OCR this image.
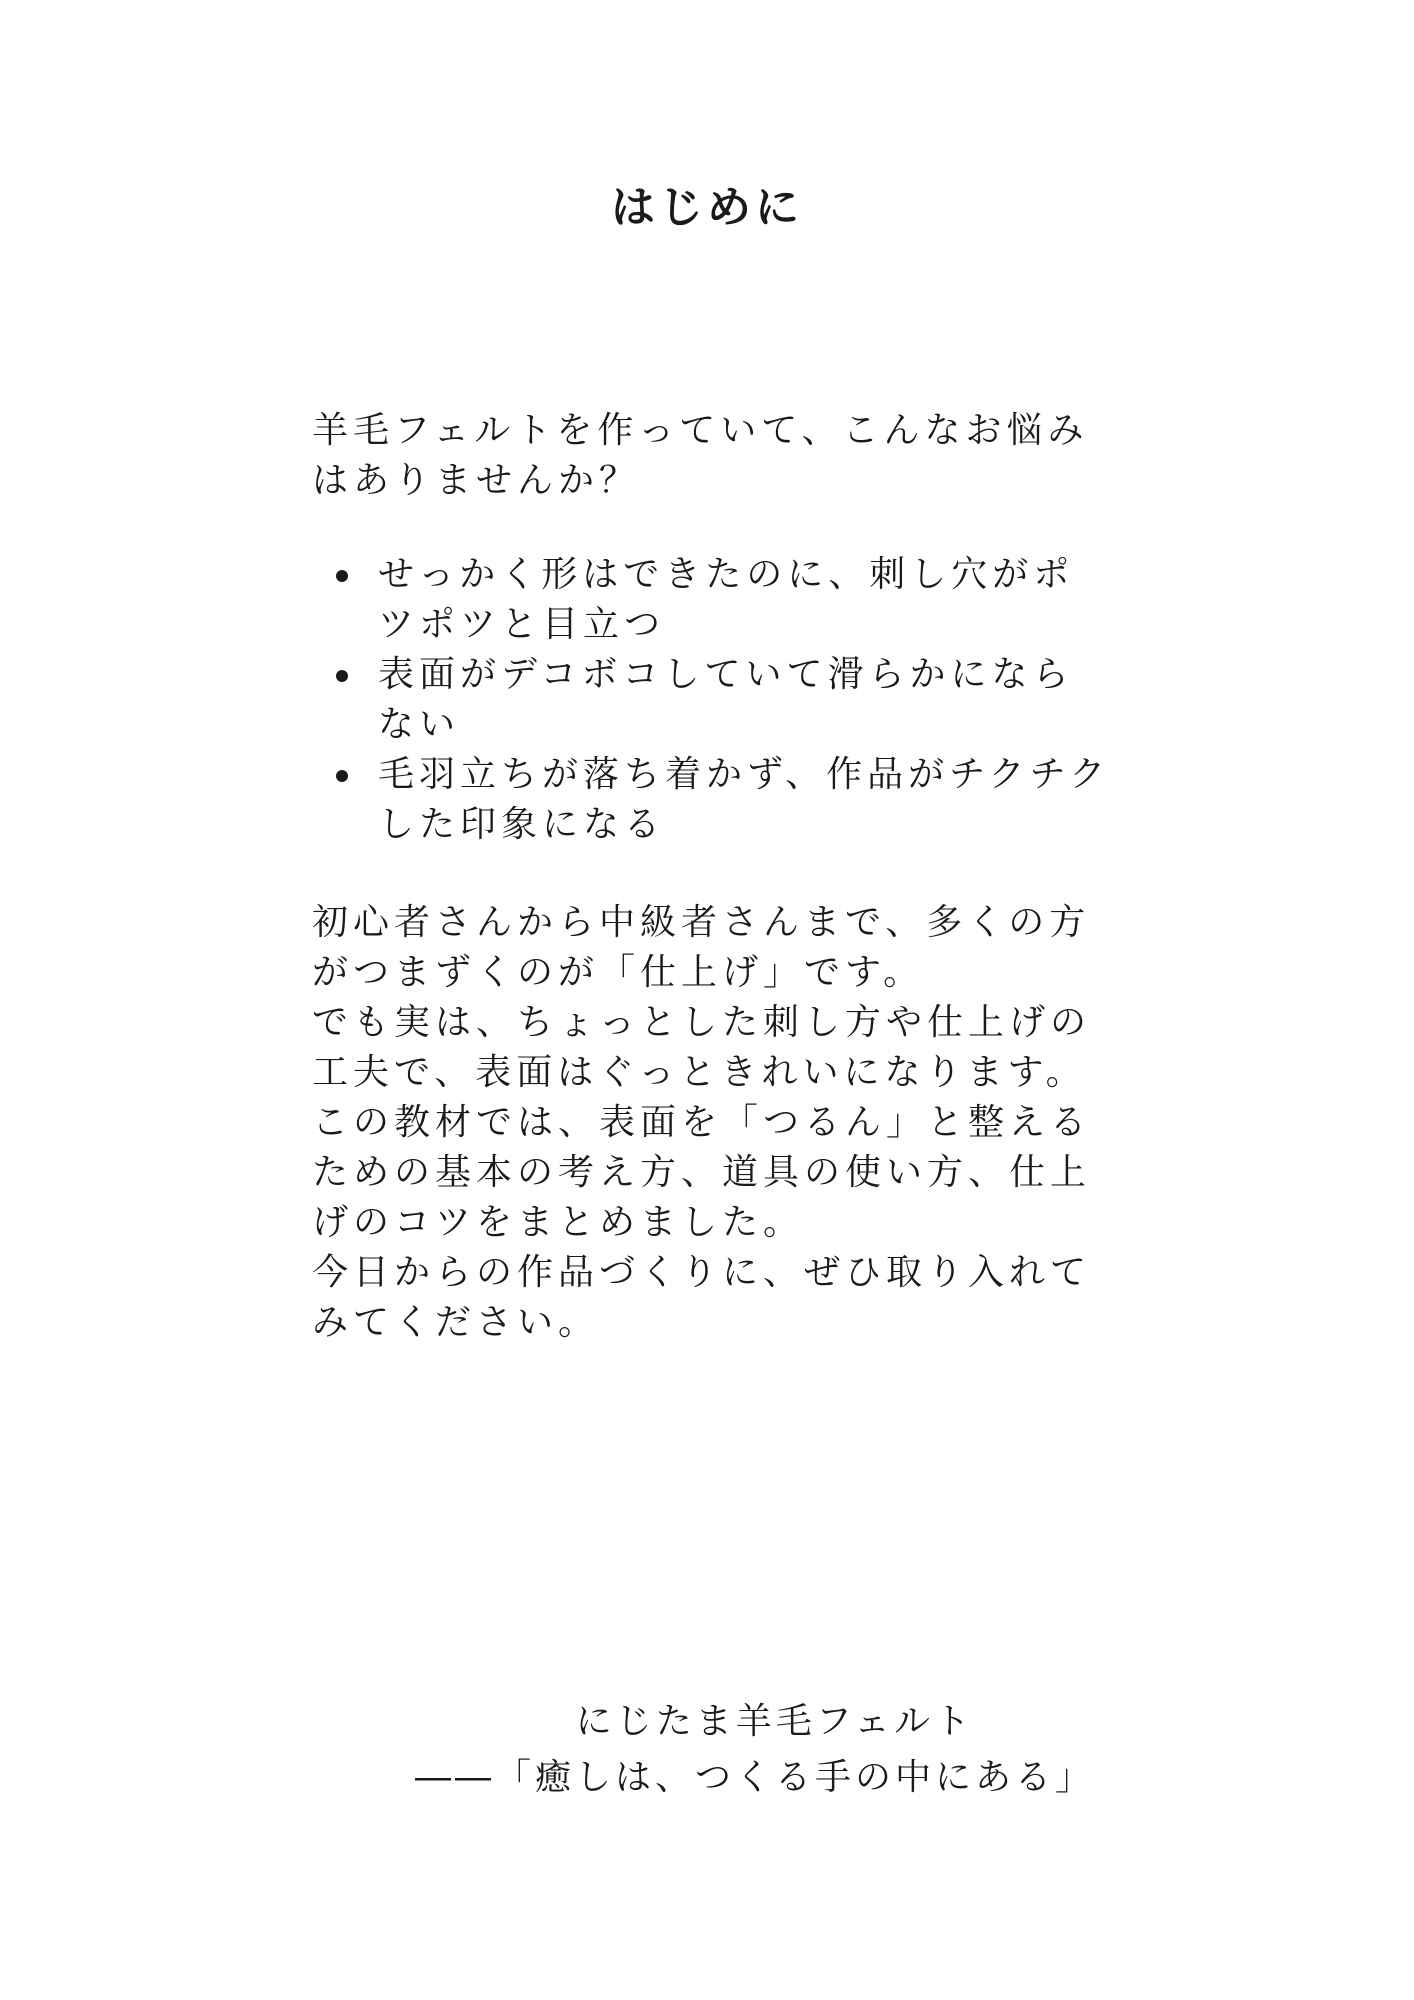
はじめに

羊毛フェルトを作っていて、こんなお悩みはありませんか？

せっかく形はできたのに、刺し穴がポツポツと目立つ
表面がデコボコしていて滑らかにならない
毛羽立ちが落ち着かず、作品がチクチクした印象になる
初心者さんから中級者さんまで、多くの方がつまずくのが「仕上げ」です。
でも実は、ちょっとした刺し方や仕上げの工夫で、表面はぐっときれいになります。
この教材では、表面を「つるん」と整えるための基本の考え方、道具の使い方、仕上げのコツをまとめました。
今日からの作品づくりに、ぜひ取り入れてみてください。
にじたま羊毛フェルト
――「癒しは、つくる手の中にある」
